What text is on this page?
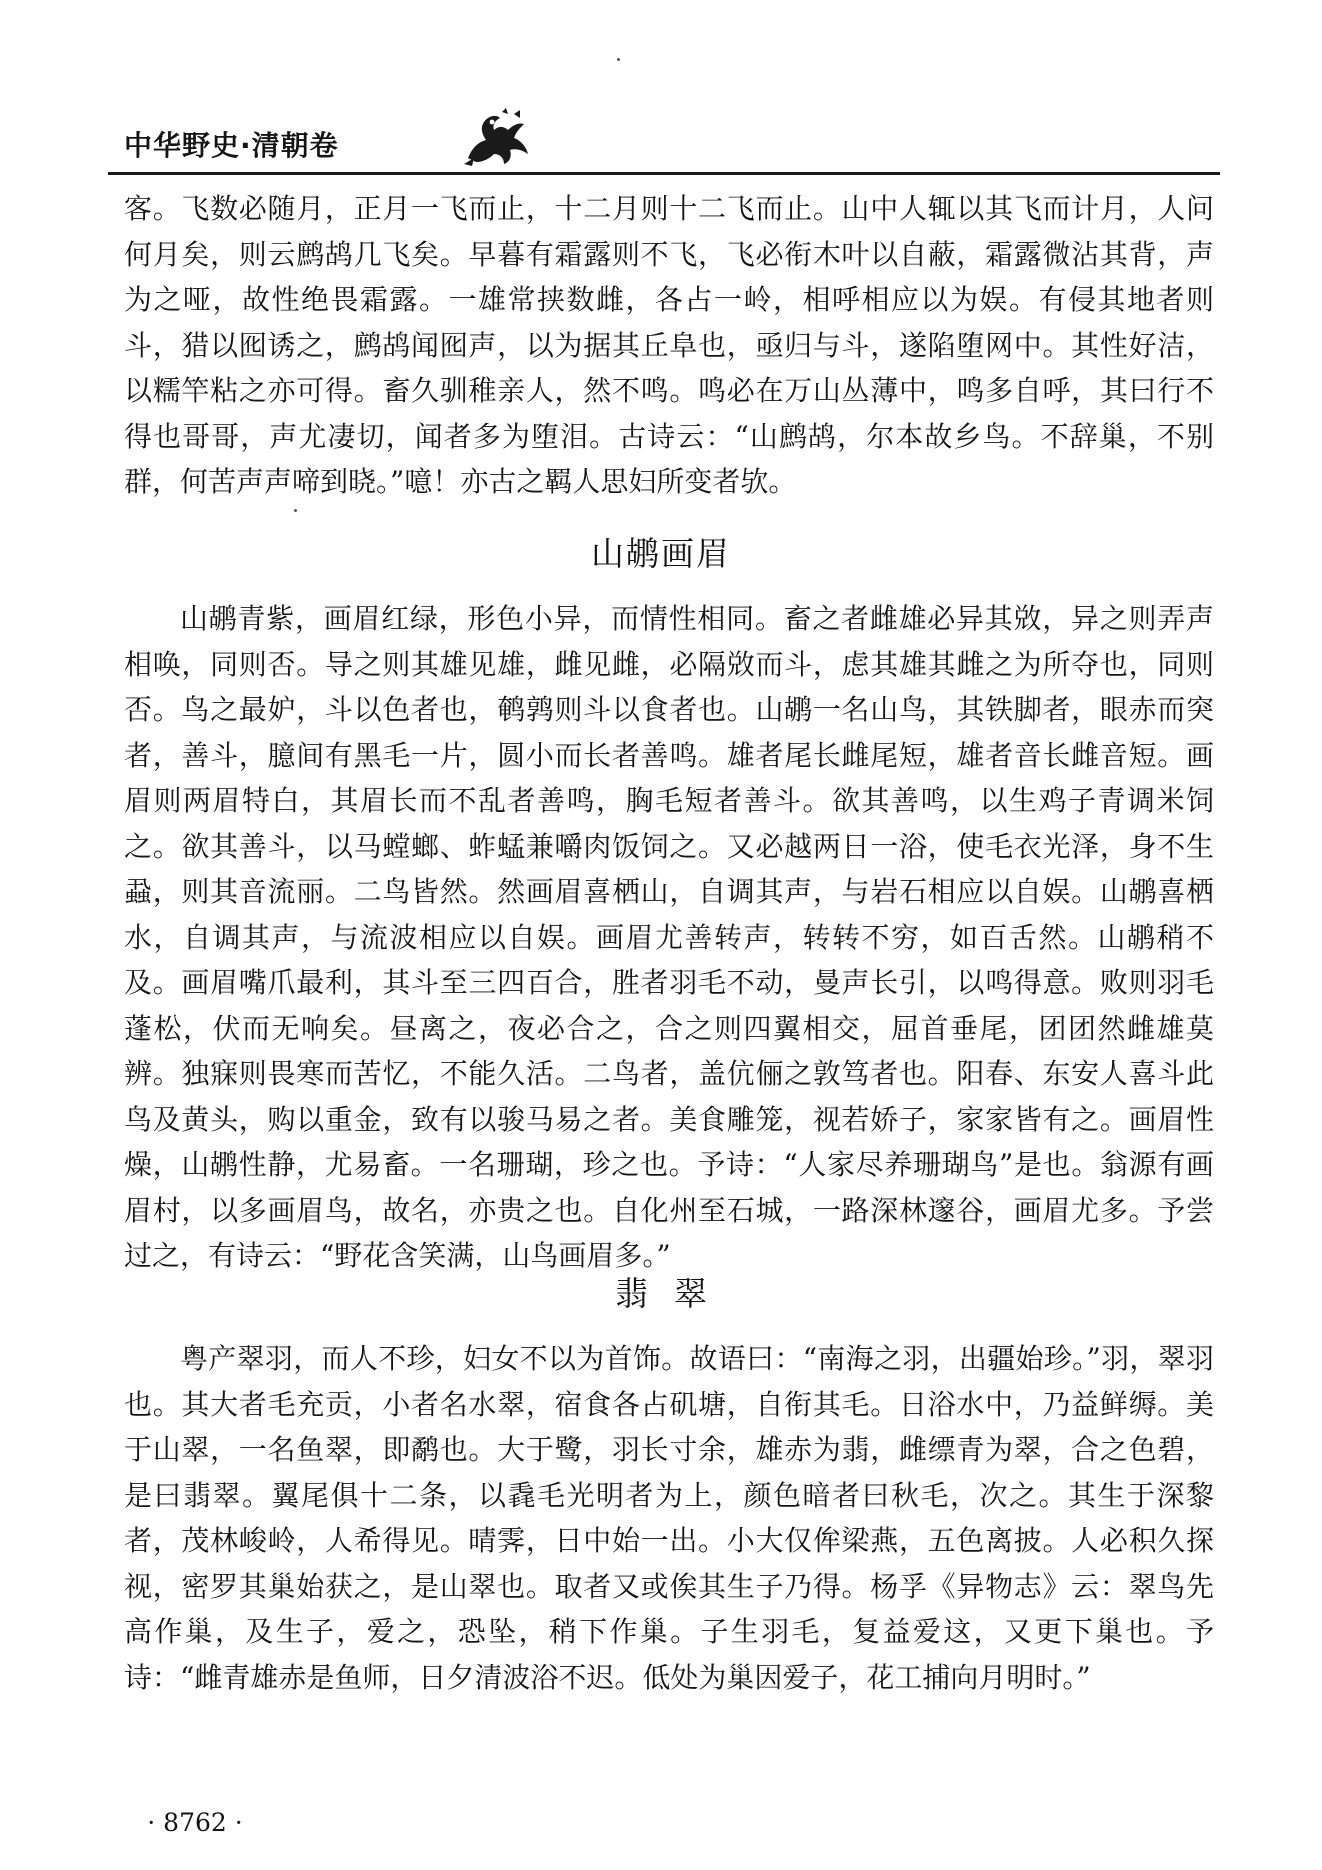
中华野史·清朝卷

客。飞数必随月，正月一飞而止，十二月则十二飞而止。山中人辄以其飞而计月，人问何月矣，则云鹧鸪几飞矣。早暮有霜露则不飞，飞必衔木叶以自蔽，霜露微沾其背，声为之哑，故性绝畏霜露。一雄常挟数雌，各占一岭，相呼相应以为娱。有侵其地者则斗，猎以囮诱之，鹧鸪闻囮声，以为据其丘阜也，亟归与斗，遂陷堕网中。其性好洁，以糯竿粘之亦可得。畜久驯稚亲人，然不鸣。鸣必在万山丛薄中，鸣多自呼，其曰行不得也哥哥，声尤凄切，闻者多为堕泪。古诗云：“山鹧鸪，尔本故乡鸟。不辞巢，不别群，何苦声声啼到晓。”噫！亦古之羁人思妇所变者欤。

山鹕画眉

山鹕青紫，画眉红绿，形色小异，而情性相同。畜之者雌雄必异其敚，异之则弄声相唤，同则否。导之则其雄见雄，雌见雌，必隔敚而斗，虑其雄其雌之为所夺也，同则否。鸟之最妒，斗以色者也，鹌鹑则斗以食者也。山鹕一名山鸟，其铁脚者，眼赤而突者，善斗，臆间有黑毛一片，圆小而长者善鸣。雄者尾长雌尾短，雄者音长雌音短。画眉则两眉特白，其眉长而不乱者善鸣，胸毛短者善斗。欲其善鸣，以生鸡子青调米饲之。欲其善斗，以马螳螂、蚱蜢兼嚼肉饭饲之。又必越两日一浴，使毛衣光泽，身不生蝨，则其音流丽。二鸟皆然。然画眉喜栖山，自调其声，与岩石相应以自娱。山鹕喜栖水，自调其声，与流波相应以自娱。画眉尤善转声，转转不穷，如百舌然。山鹕稍不及。画眉嘴爪最利，其斗至三四百合，胜者羽毛不动，曼声长引，以鸣得意。败则羽毛蓬松，伏而无响矣。昼离之，夜必合之，合之则四翼相交，屈首垂尾，团团然雌雄莫辨。独寐则畏寒而苦忆，不能久活。二鸟者，盖伉俪之敦笃者也。阳春、东安人喜斗此鸟及黄头，购以重金，致有以骏马易之者。美食雕笼，视若娇子，家家皆有之。画眉性燥，山鹕性静，尤易畜。一名珊瑚，珍之也。予诗：“人家尽养珊瑚鸟”是也。翁源有画眉村，以多画眉鸟，故名，亦贵之也。自化州至石城，一路深林邃谷，画眉尤多。予尝过之，有诗云：“野花含笑满，山鸟画眉多。”

翡翠

粤产翠羽，而人不珍，妇女不以为首饰。故语曰：“南海之羽，出疆始珍。”羽，翠羽也。其大者毛充贡，小者名水翠，宿食各占矶塘，自衔其毛。日浴水中，乃益鲜缛。美于山翠，一名鱼翠，即鹬也。大于鹭，羽长寸余，雄赤为翡，雌缥青为翠，合之色碧，是曰翡翠。翼尾俱十二条，以毳毛光明者为上，颜色暗者曰秋毛，次之。其生于深黎者，茂林峻岭，人希得见。晴霁，日中始一出。小大仅侔梁燕，五色离披。人必积久探视，密罗其巢始获之，是山翠也。取者又或俟其生子乃得。杨孚《异物志》云：翠鸟先高作巢，及生子，爱之，恐坠，稍下作巢。子生羽毛，复益爱这，又更下巢也。予诗：“雌青雄赤是鱼师，日夕清波浴不迟。低处为巢因爱子，花工捕向月明时。”

· 8762 ·
